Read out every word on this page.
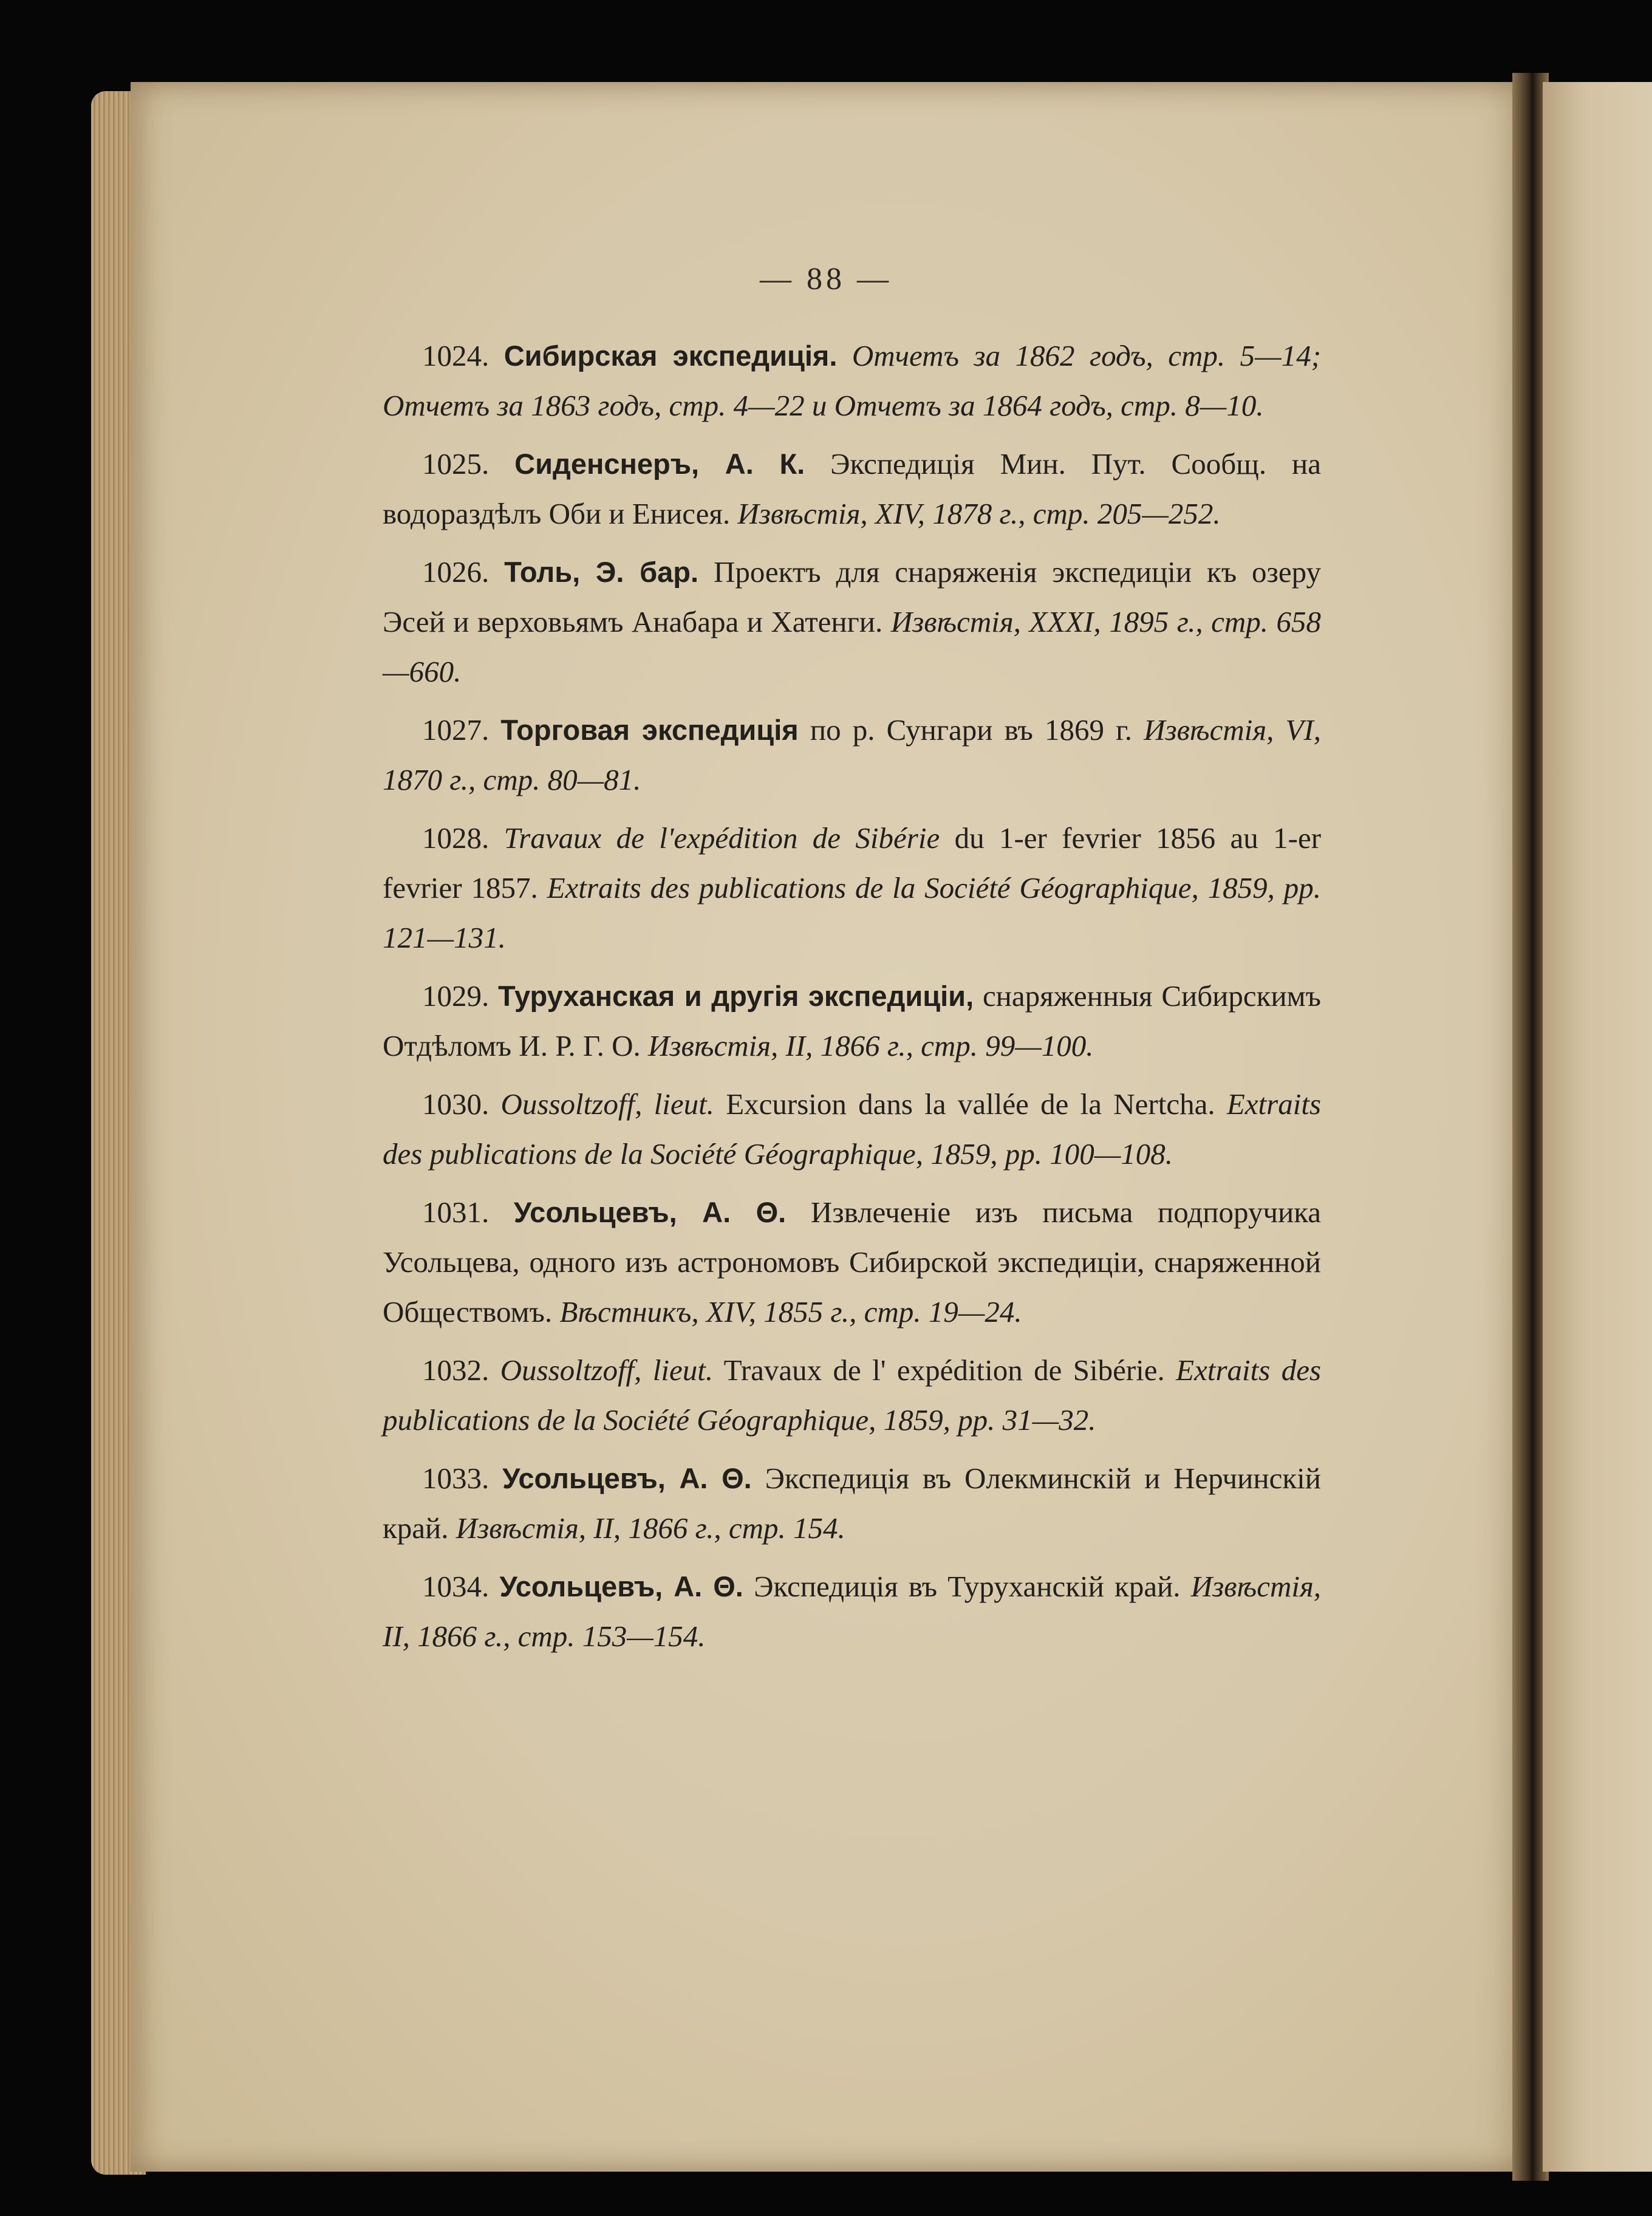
— 88 —

1024. Сибирская экспедиція. Отчетъ за 1862 годъ, стр. 5—14; Отчетъ за 1863 годъ, стр. 4—22 и Отчетъ за 1864 годъ, стр. 8—10.

1025. Сиденснеръ, А. К. Экспедиція Мин. Пут. Сообщ. на водораздѣлъ Оби и Енисея. Извѣстія, XIV, 1878 г., стр. 205—252.

1026. Толь, Э. бар. Проектъ для снаряженія экспедиціи къ озеру Эсей и верховьямъ Анабара и Хатенги. Извѣстія, XXXI, 1895 г., стр. 658—660.

1027. Торговая экспедиція по р. Сунгари въ 1869 г. Извѣстія, VI, 1870 г., стр. 80—81.

1028. Travaux de l'expédition de Sibérie du 1-er fevrier 1856 au 1-er fevrier 1857. Extraits des publications de la Société Géographique, 1859, pp. 121—131.

1029. Туруханская и другія экспедиціи, снаряженныя Сибирскимъ Отдѣломъ И. Р. Г. О. Извѣстія, II, 1866 г., стр. 99—100.

1030. Oussoltzoff, lieut. Excursion dans la vallée de la Nertcha. Extraits des publications de la Société Géographique, 1859, pp. 100—108.

1031. Усольцевъ, А. Θ. Извлеченіе изъ письма подпоручика Усольцева, одного изъ астрономовъ Сибирской экспедиціи, снаряженной Обществомъ. Вѣстникъ, XIV, 1855 г., стр. 19—24.

1032. Oussoltzoff, lieut. Travaux de l' expédition de Sibérie. Extraits des publications de la Société Géographique, 1859, pp. 31—32.

1033. Усольцевъ, А. Θ. Экспедиція въ Олекминскій и Нерчинскій край. Извѣстія, II, 1866 г., стр. 154.

1034. Усольцевъ, А. Θ. Экспедиція въ Туруханскій край. Извѣстія, II, 1866 г., стр. 153—154.
